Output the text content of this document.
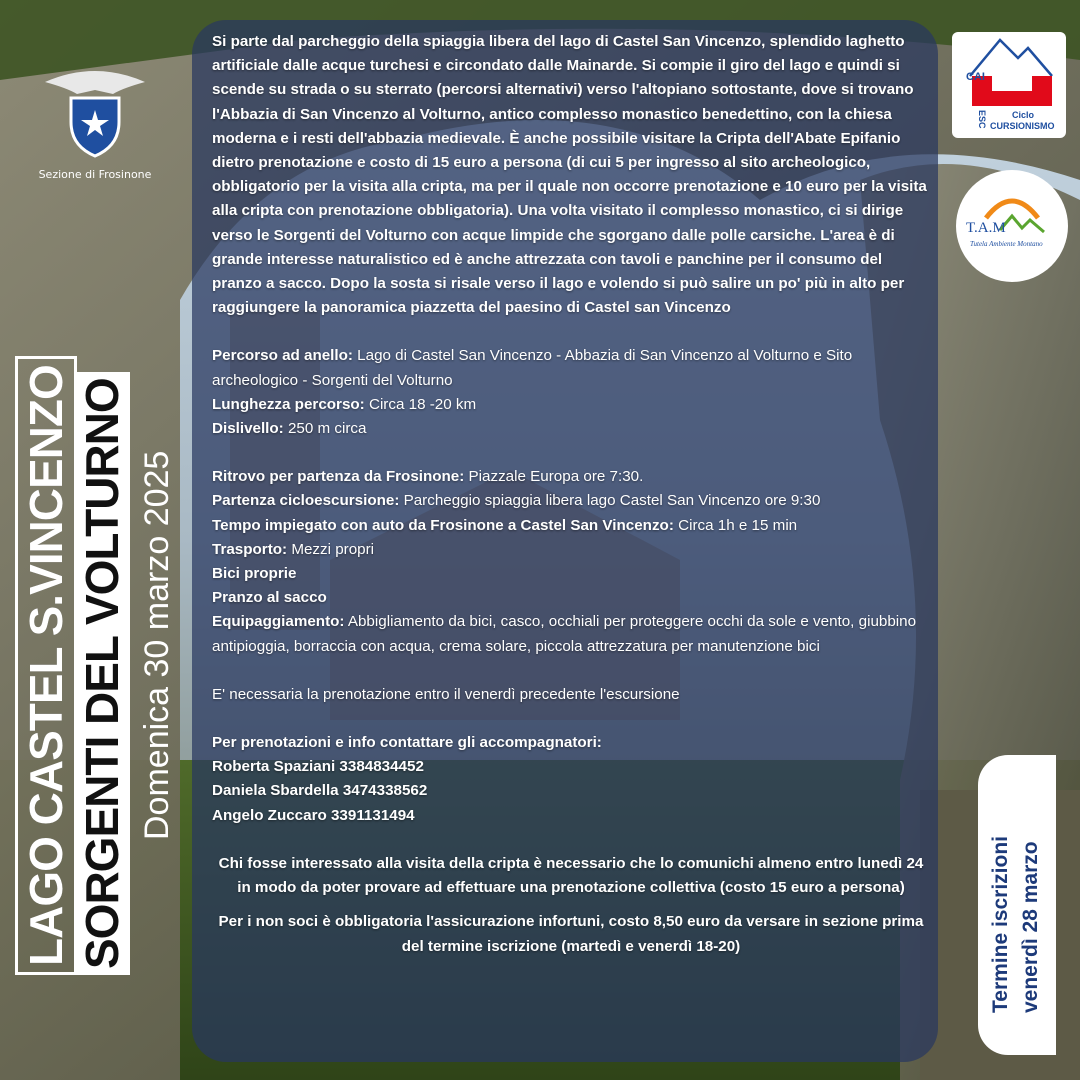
Sezione di Frosinone
LAGO CASTEL S.VINCENZO SORGENTI DEL VOLTURNO Domenica 30 marzo 2025

Si parte dal parcheggio della spiaggia libera del lago di Castel San Vincenzo, splendido laghetto artificiale dalle acque turchesi e circondato dalle Mainarde. Si compie il giro del lago e quindi si scende su strada o su sterrato (percorsi alternativi) verso l'altopiano sottostante, dove si trovano l'Abbazia di San Vincenzo al Volturno, antico complesso monastico benedettino, con la chiesa moderna e i resti dell'abbazia medievale. È anche possibile visitare la Cripta dell'Abate Epifanio dietro prenotazione e costo di 15 euro a persona (di cui 5 per ingresso al sito archeologico, obbligatorio per la visita alla cripta, ma per il quale non occorre prenotazione e 10 euro per la visita alla cripta con prenotazione obbligatoria). Una volta visitato il complesso monastico, ci si dirige verso le Sorgenti del Volturno con acque limpide che sgorgano dalle polle carsiche. L'area è di grande interesse naturalistico ed è anche attrezzata con tavoli e panchine per il consumo del pranzo a sacco. Dopo la sosta si risale verso il lago e volendo si può salire un po' più in alto per raggiungere la panoramica piazzetta del paesino di Castel san Vincenzo

Percorso ad anello: Lago di Castel San Vincenzo - Abbazia di San Vincenzo al Volturno e Sito archeologico - Sorgenti del Volturno

Lunghezza percorso: Circa 18 -20 km

Dislivello: 250 m circa

Ritrovo per partenza da Frosinone: Piazzale Europa ore 7:30.

Partenza cicloescursione: Parcheggio spiaggia libera lago Castel San Vincenzo ore 9:30

Tempo impiegato con auto da Frosinone a Castel San Vincenzo: Circa 1h e 15 min

Trasporto: Mezzi propri

Bici proprie

Pranzo al sacco

Equipaggiamento: Abbigliamento da bici, casco, occhiali per proteggere occhi da sole e vento, giubbino antipioggia, borraccia con acqua, crema solare, piccola attrezzatura per manutenzione bici

E' necessaria la prenotazione entro il venerdì precedente l'escursione

Per prenotazioni e info contattare gli accompagnatori:

Roberta Spaziani 3384834452

Daniela Sbardella 3474338562

Angelo Zuccaro 3391131494

Chi fosse interessato alla visita della cripta è necessario che lo comunichi almeno entro lunedì 24 in modo da poter provare ad effettuare una prenotazione collettiva (costo 15 euro a persona)

Per i non soci è obbligatoria l'assicurazione infortuni, costo 8,50 euro da versare in sezione prima del termine iscrizione (martedì e venerdì 18-20)

CAI
Ciclo
CURSIONISMO
ESC
T.A.M
Tutela Ambiente Montano
Termine iscrizioni venerdì 28 marzo
